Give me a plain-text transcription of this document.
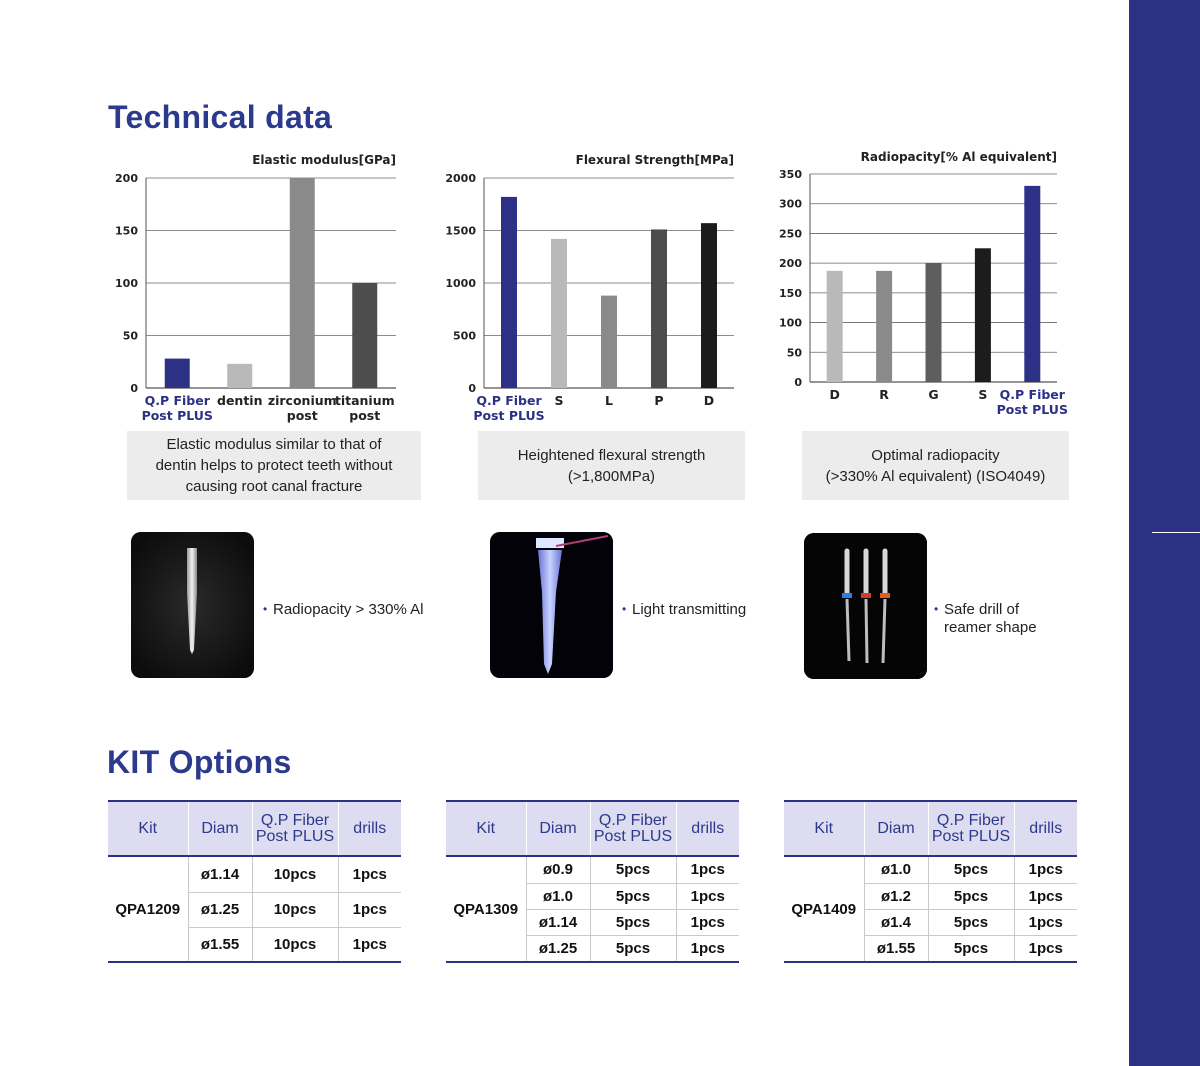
Technical data
Elastic modulus[GPa]
0
50
100
150
200
Q.P Fiber Post PLUS
dentin zirconium post
titanium post
Flexural Strength[MPa]
0
500
1000
1500
2000
Q.P Fiber Post PLUS
S	L	P	D
Radiopacity[% Al equivalent]
0
50
100
150
200
250
300
350
D	R	G	S Q.P Fiber Post PLUS
Elastic modulus similar to that of
dentin helps to protect teeth without
causing root canal fracture
Heightened flexural strength
(>1,800MPa)
Optimal radiopacity
(>330% Al equivalent) (ISO4049)
• Radiopacity > 330% Al	• Light transmitting	• Safe drill of
reamer shape
KIT Options
Kit	Diam	Q.P Fiber
Post PLUS	drills
QPA1209	ø1.14	10pcs	1pcs
	ø1.25	10pcs	1pcs
	ø1.55	10pcs	1pcs
Kit	Diam	Q.P Fiber
Post PLUS	drills
QPA1309	ø0.9	5pcs	1pcs
	ø1.0	5pcs	1pcs
	ø1.14	5pcs	1pcs
	ø1.25	5pcs	1pcs
Kit	Diam	Q.P Fiber
Post PLUS	drills
QPA1409	ø1.0	5pcs	1pcs
	ø1.2	5pcs	1pcs
	ø1.4	5pcs	1pcs
	ø1.55	5pcs	1pcs
